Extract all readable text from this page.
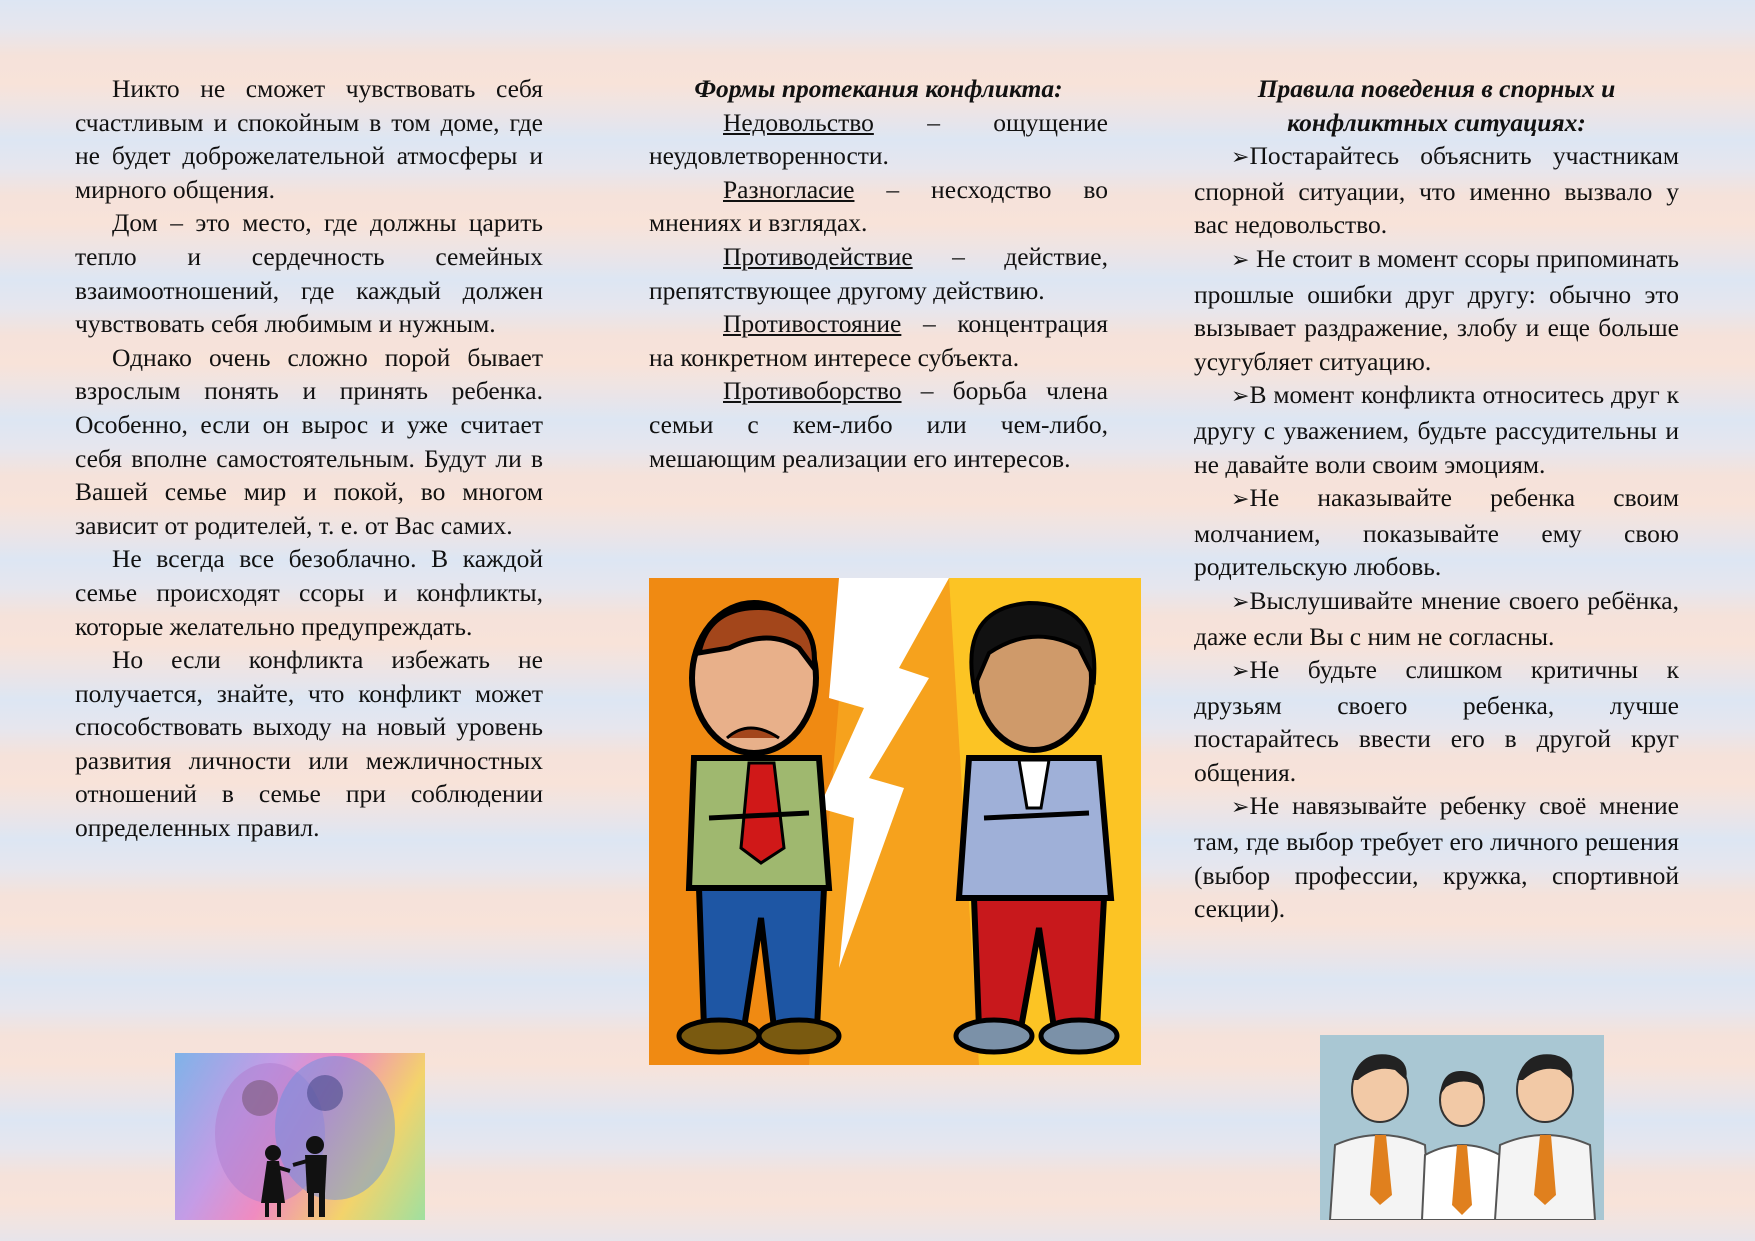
Никто не сможет чувствовать себя счастливым и спокойным в том доме, где не будет доброжелательной атмосферы и мирного общения.

Дом – это место, где должны царить тепло и сердечность семейных взаимоотношений, где каждый должен чувствовать себя любимым и нужным.

Однако очень сложно порой бывает взрослым понять и принять ребенка. Особенно, если он вырос и уже считает себя вполне самостоятельным. Будут ли в Вашей семье мир и покой, во многом зависит от родителей, т. е. от Вас самих.

Не всегда все безоблачно. В каждой семье происходят ссоры и конфликты, которые желательно предупреждать.

Но если конфликта избежать не получается, знайте, что конфликт может способствовать выходу на новый уровень развития личности или межличностных отношений в семье при соблюдении определенных правил.

Формы протекания конфликта:

Недовольство – ощущение неудовлетворенности.

Разногласие – несходство во мнениях и взглядах.

Противодействие – действие, препятствующее другому действию.

Противостояние – концентрация на конкретном интересе субъекта.

Противоборство – борьба члена семьи с кем-либо или чем-либо, мешающим реализации его интересов.

Правила поведения в спорных и конфликтных ситуациях:

➢Постарайтесь объяснить участникам спорной ситуации, что именно вызвало у вас недовольство.

➢ Не стоит в момент ссоры припоминать прошлые ошибки друг другу: обычно это вызывает раздражение, злобу и еще больше усугубляет ситуацию.

➢В момент конфликта относитесь друг к другу с уважением, будьте рассудительны и не давайте воли своим эмоциям.

➢Не наказывайте ребенка своим молчанием, показывайте ему свою родительскую любовь.

➢Выслушивайте мнение своего ребёнка, даже если Вы с ним не согласны.

➢Не будьте слишком критичны к друзьям своего ребенка, лучше постарайтесь ввести его в другой круг общения.

➢Не навязывайте ребенку своё мнение там, где выбор требует его личного решения (выбор профессии, кружка, спортивной секции).
